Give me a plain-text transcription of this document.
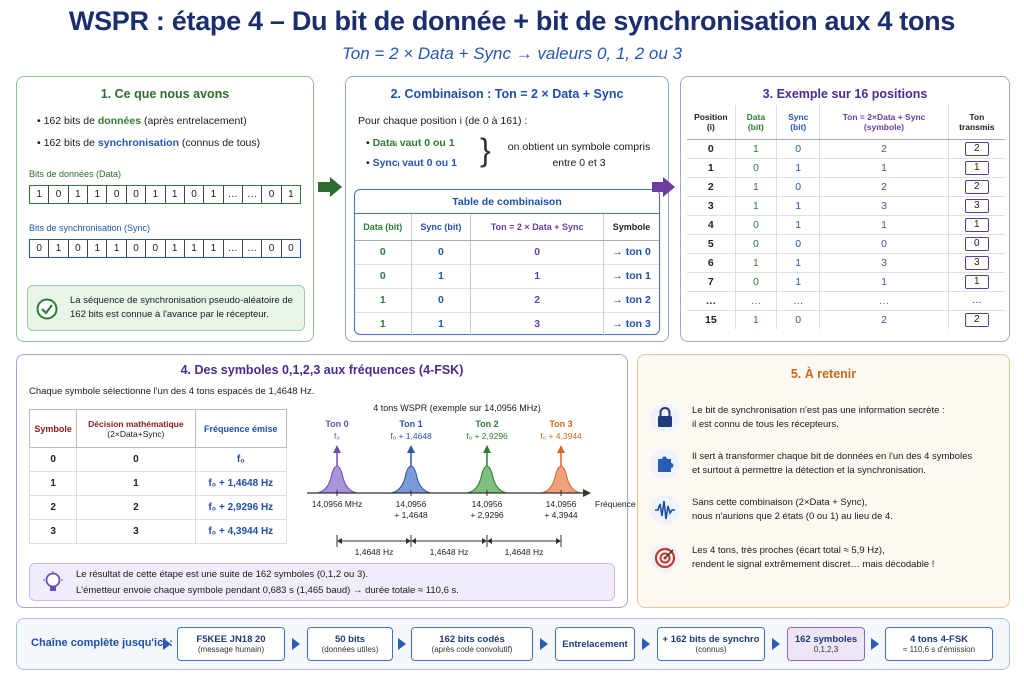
WSPR : étape 4 – Du bit de donnée + bit de synchronisation aux 4 tons
Ton = 2 × Data + Sync → valeurs 0, 1, 2 ou 3
1. Ce que nous avons
• 162 bits de données (après entrelacement)
• 162 bits de synchronisation (connus de tous)
Bits de données (Data)
1	0	1	1	0	0	1	1	0	1	… …	0	1
Bits de synchronisation (Sync)
0	1	0	1	1	0	0	1	1	1	… …	0	0
La séquence de synchronisation pseudo-aléatoire de 162 bits est connue à l'avance par le récepteur.
2. Combinaison : Ton = 2 × Data + Sync
Pour chaque position i (de 0 à 161) :
• Dataᵢ vaut 0 ou 1
• Syncᵢ vaut 0 ou 1 }	on obtient un symbole compris entre 0 et 3
Table de combinaison
Data (bit)	Sync (bit)	Ton = 2 × Data + Sync	Symbole
0	0	0	→ ton 0
0	1	1	→ ton 1
1	0	2	→ ton 2
1	1	3	→ ton 3
3. Exemple sur 16 positions
Position (i)	Data (bit)	Sync (bit)	Ton = 2×Data + Sync (symbole)	Ton transmis
0	1	0	2	2
1	0	1	1	1
2	1	0	2	2
3	1	1	3	3
4	0	1	1	1
5	0	0	0	0
6	1	1	3	3
7	0	1	1	1
…	…	…	…	…
15	1	0	2	2
4. Des symboles 0,1,2,3 aux fréquences (4-FSK)
Chaque symbole sélectionne l'un des 4 tons espacés de 1,4648 Hz.
Symbole	Décision mathématique
(2×Data+Sync)	Fréquence émise
0	0	f₀
1	1	f₀ + 1,4648 Hz
2	2	f₀ + 2,9296 Hz
3	3	f₀ + 4,3944 Hz
4 tons WSPR (exemple sur 14,0956 MHz)
Ton 0
f₀
14,0956 MHz
Ton 1
f₀ + 1,4648
14,0956
+ 1,4648
Ton 2
f₀ + 2,9296
14,0956
+ 2,9296
Ton 3
f₀ + 4,3944
14,0956
+ 4,3944
Fréquence
1,4648 Hz	1,4648 Hz	1,4648 Hz
Le résultat de cette étape est une suite de 162 symboles (0,1,2 ou 3).
L'émetteur envoie chaque symbole pendant 0,683 s (1,465 baud) → durée totale ≈ 110,6 s.
5. À retenir
Le bit de synchronisation n'est pas une information secrète :
il est connu de tous les récepteurs.
Il sert à transformer chaque bit de données en l'un des 4 symboles
et surtout à permettre la détection et la synchronisation.
Sans cette combinaison (2×Data + Sync),
nous n'aurions que 2 états (0 ou 1) au lieu de 4.
Les 4 tons, très proches (écart total ≈ 5,9 Hz),
rendent le signal extrêmement discret… mais décodable !
Chaîne complète jusqu'ici :	F5KEE JN18 20
(message humain)
50 bits
(données utiles)
162 bits codés
(après code convolutif)	Entrelacement	+ 162 bits de synchro
(connus)
162 symboles
0,1,2,3
4 tons 4-FSK
≈ 110,6 s d'émission
